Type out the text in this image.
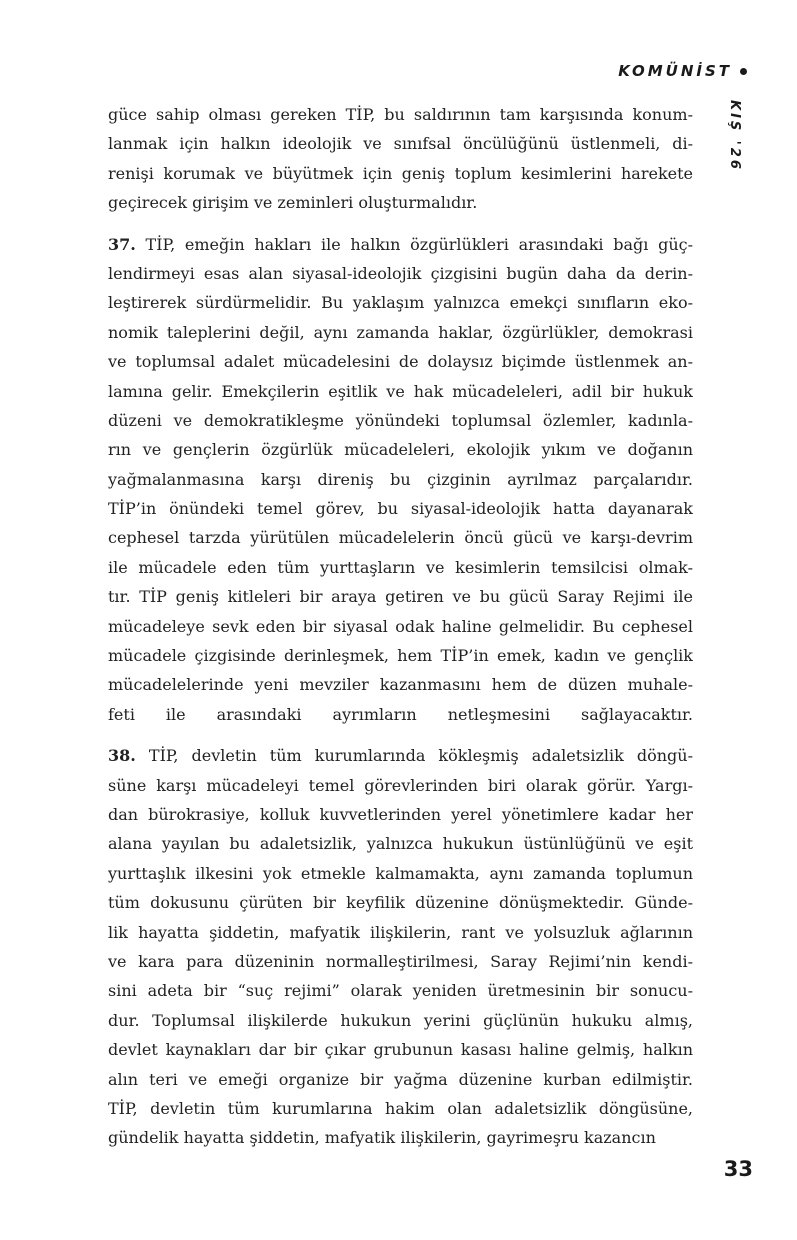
KOMÜNİST
KIŞ '26
güce sahip olması gereken TİP, bu saldırının tam karşısında konum-
lanmak için halkın ideolojik ve sınıfsal öncülüğünü üstlenmeli, di-
renişi korumak ve büyütmek için geniş toplum kesimlerini harekete
geçirecek girişim ve zeminleri oluşturmalıdır.
37. TİP, emeğin hakları ile halkın özgürlükleri arasındaki bağı güç-
lendirmeyi esas alan siyasal-ideolojik çizgisini bugün daha da derin-
leştirerek sürdürmelidir. Bu yaklaşım yalnızca emekçi sınıfların eko-
nomik taleplerini değil, aynı zamanda haklar, özgürlükler, demokrasi
ve toplumsal adalet mücadelesini de dolaysız biçimde üstlenmek an-
lamına gelir. Emekçilerin eşitlik ve hak mücadeleleri, adil bir hukuk
düzeni ve demokratikleşme yönündeki toplumsal özlemler, kadınla-
rın ve gençlerin özgürlük mücadeleleri, ekolojik yıkım ve doğanın
yağmalanmasına karşı direniş bu çizginin ayrılmaz parçalarıdır.
TİP’in önündeki temel görev, bu siyasal-ideolojik hatta dayanarak
cephesel tarzda yürütülen mücadelelerin öncü gücü ve karşı-devrim
ile mücadele eden tüm yurttaşların ve kesimlerin temsilcisi olmak-
tır. TİP geniş kitleleri bir araya getiren ve bu gücü Saray Rejimi ile
mücadeleye sevk eden bir siyasal odak haline gelmelidir. Bu cephesel
mücadele çizgisinde derinleşmek, hem TİP’in emek, kadın ve gençlik
mücadelelerinde yeni mevziler kazanmasını hem de düzen muhale-
feti ile arasındaki ayrımların netleşmesini sağlayacaktır.
38. TİP, devletin tüm kurumlarında kökleşmiş adaletsizlik döngü-
süne karşı mücadeleyi temel görevlerinden biri olarak görür. Yargı-
dan bürokrasiye, kolluk kuvvetlerinden yerel yönetimlere kadar her
alana yayılan bu adaletsizlik, yalnızca hukukun üstünlüğünü ve eşit
yurttaşlık ilkesini yok etmekle kalmamakta, aynı zamanda toplumun
tüm dokusunu çürüten bir keyfilik düzenine dönüşmektedir. Günde-
lik hayatta şiddetin, mafyatik ilişkilerin, rant ve yolsuzluk ağlarının
ve kara para düzeninin normalleştirilmesi, Saray Rejimi’nin kendi-
sini adeta bir “suç rejimi” olarak yeniden üretmesinin bir sonucu-
dur. Toplumsal ilişkilerde hukukun yerini güçlünün hukuku almış,
devlet kaynakları dar bir çıkar grubunun kasası haline gelmiş, halkın
alın teri ve emeği organize bir yağma düzenine kurban edilmiştir.
TİP, devletin tüm kurumlarına hakim olan adaletsizlik döngüsüne,
gündelik hayatta şiddetin, mafyatik ilişkilerin, gayrimeşru kazancın
33
